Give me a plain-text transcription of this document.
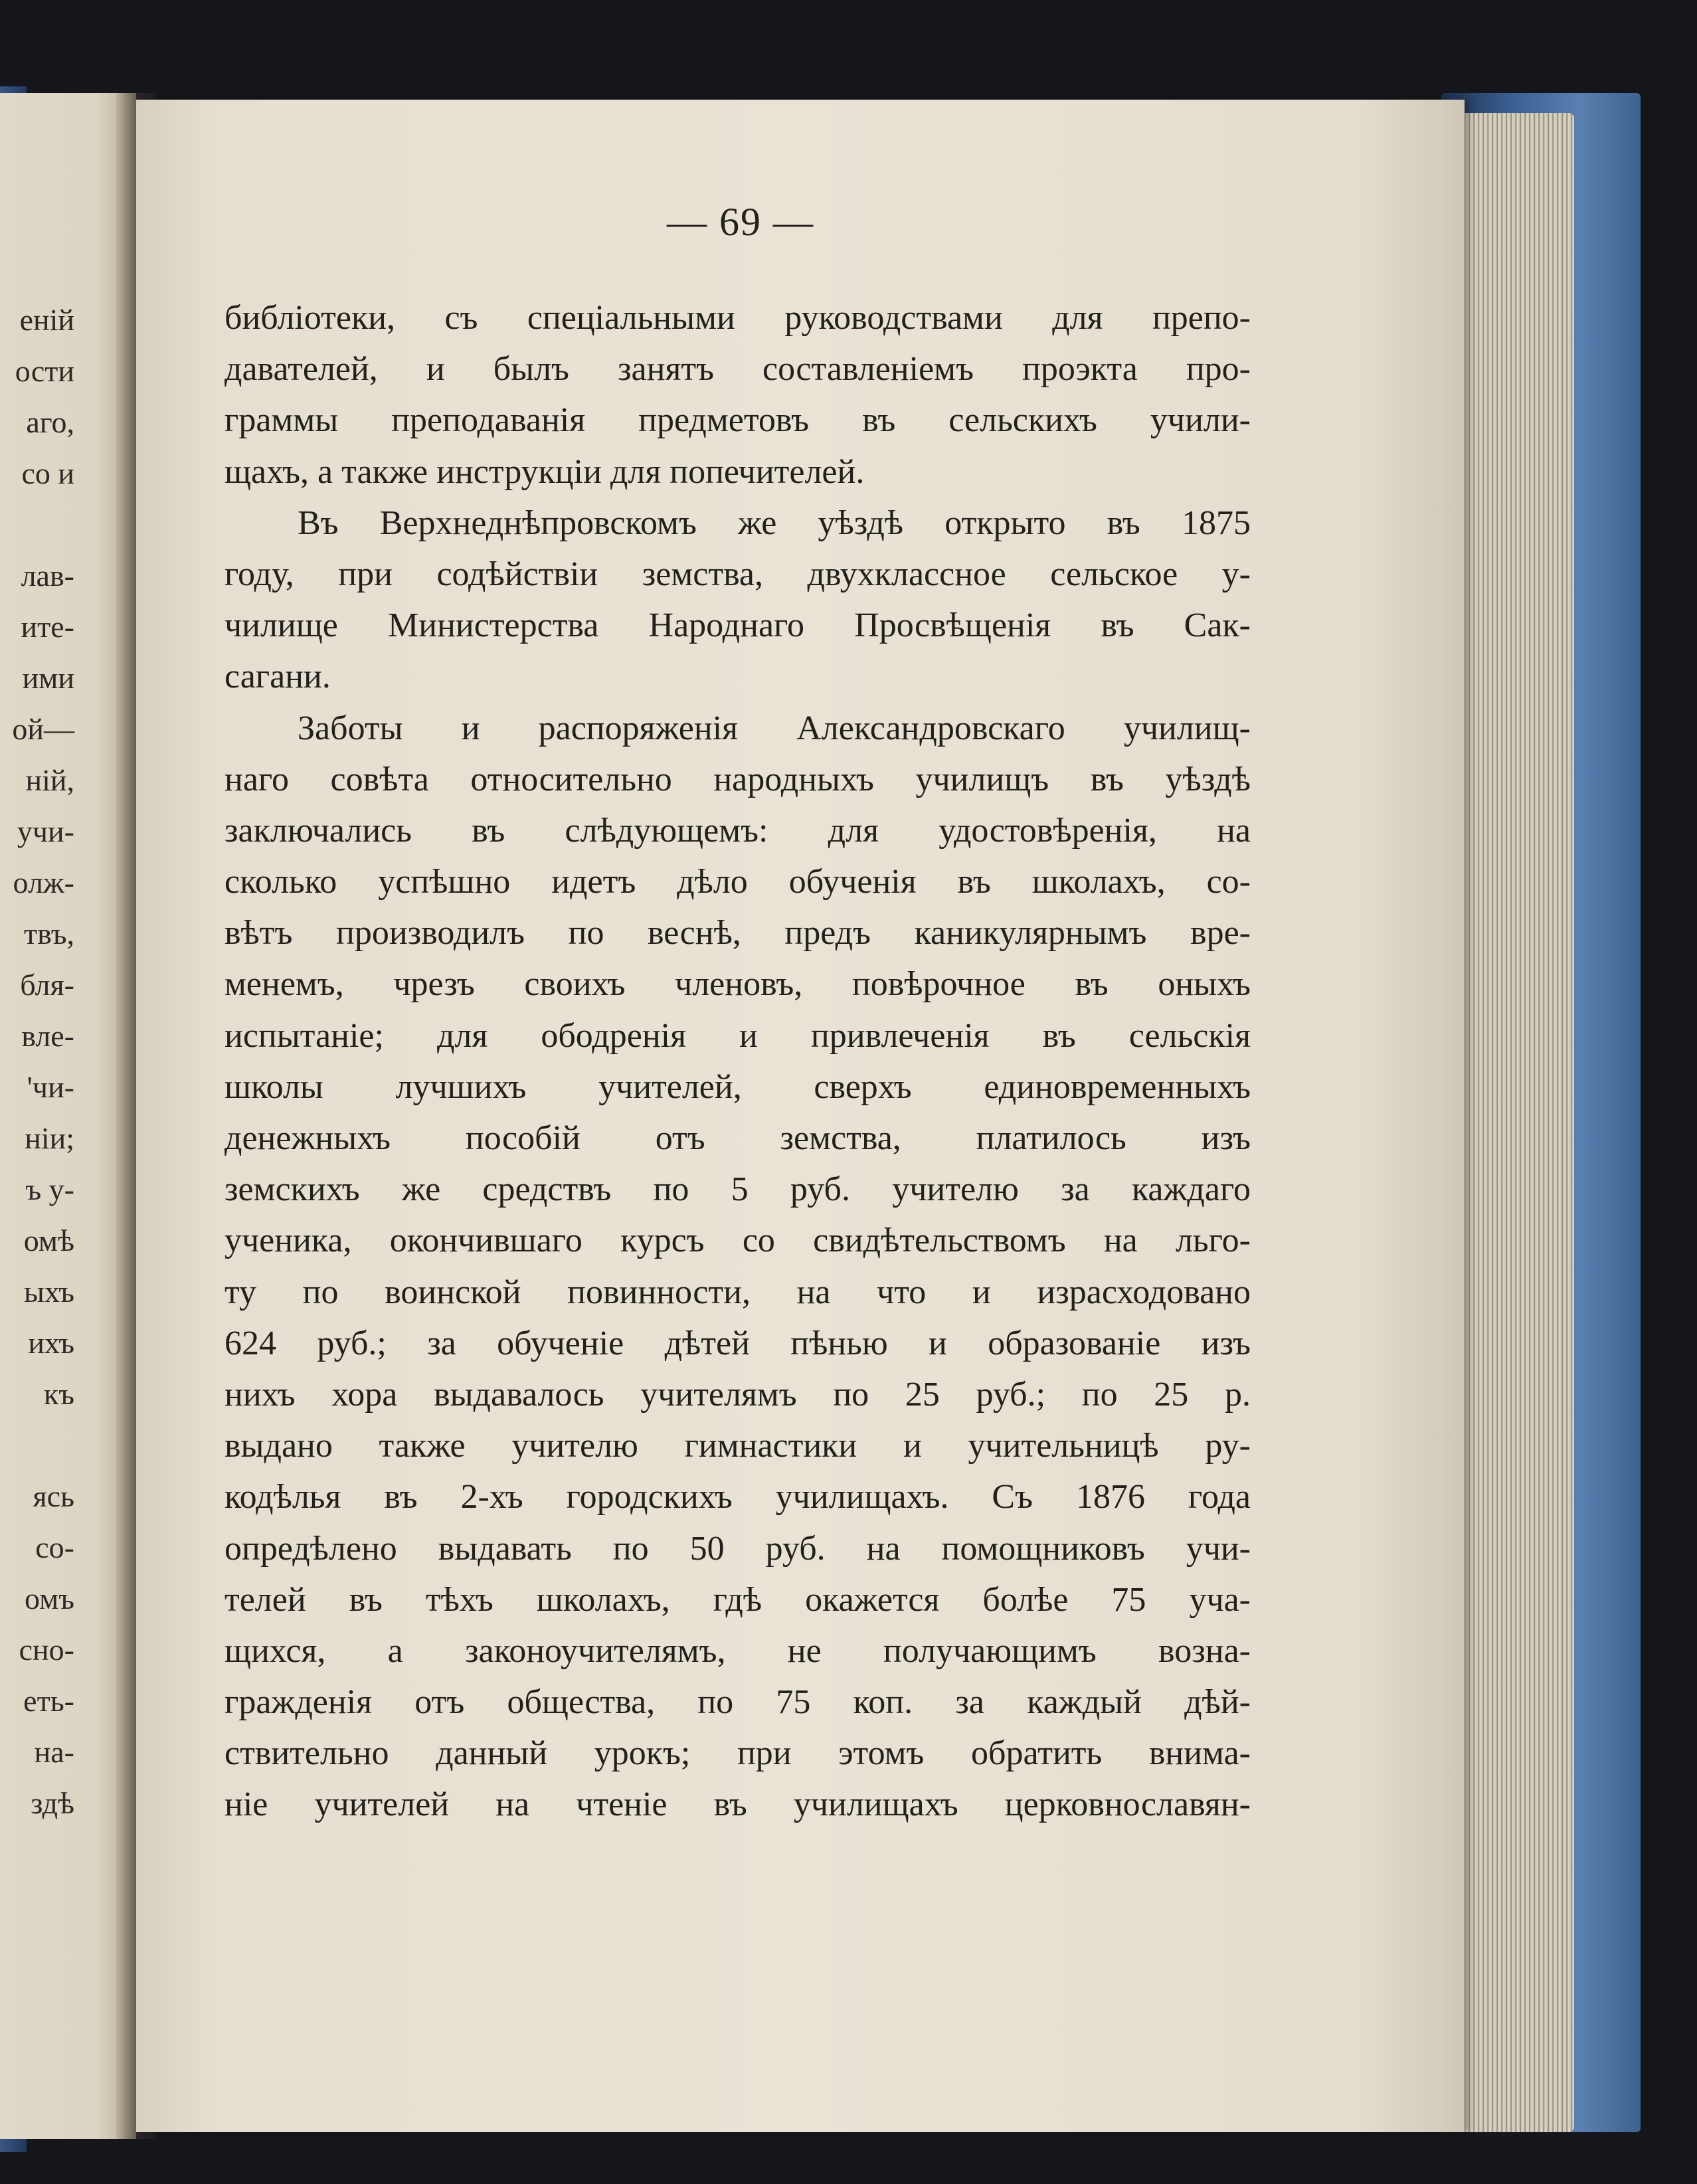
еній
ости
аго,
со и
лав-
ите-
ими
ой—
ній,
учи-
олж-
твъ,
бля-
вле-
'чи-
ніи;
ъ у-
омѣ
ыхъ
ихъ
къ
ясь
со-
омъ
сно-
еть-
на-
здѣ
— 69 —
библіотеки, съ спеціальными руководствами для препо-
давателей, и былъ занятъ составленіемъ проэкта про-
граммы преподаванія предметовъ въ сельскихъ учили-
щахъ, а также инструкціи для попечителей.
Въ Верхнеднѣпровскомъ же уѣздѣ открыто въ 1875
году, при содѣйствіи земства, двухклассное сельское у-
чилище Министерства Народнаго Просвѣщенія въ Сак-
сагани.
Заботы и распоряженія Александровскаго училищ-
наго совѣта относительно народныхъ училищъ въ уѣздѣ
заключались въ слѣдующемъ: для удостовѣренія, на
сколько успѣшно идетъ дѣло обученія въ школахъ, со-
вѣтъ производилъ по веснѣ, предъ каникулярнымъ вре-
менемъ, чрезъ своихъ членовъ, повѣрочное въ оныхъ
испытаніе; для ободренія и привлеченія въ сельскія
школы лучшихъ учителей, сверхъ единовременныхъ
денежныхъ пособій отъ земства, платилось изъ
земскихъ же средствъ по 5 руб. учителю за каждаго
ученика, окончившаго курсъ со свидѣтельствомъ на льго-
ту по воинской повинности, на что и израсходовано
624 руб.; за обученіе дѣтей пѣнью и образованіе изъ
нихъ хора выдавалось учителямъ по 25 руб.; по 25 р.
выдано также учителю гимнастики и учительницѣ ру-
кодѣлья въ 2-хъ городскихъ училищахъ. Съ 1876 года
опредѣлено выдавать по 50 руб. на помощниковъ учи-
телей въ тѣхъ школахъ, гдѣ окажется болѣе 75 уча-
щихся, а законоучителямъ, не получающимъ возна-
гражденія отъ общества, по 75 коп. за каждый дѣй-
ствительно данный урокъ; при этомъ обратить внима-
ніе учителей на чтеніе въ училищахъ церковнославян-
